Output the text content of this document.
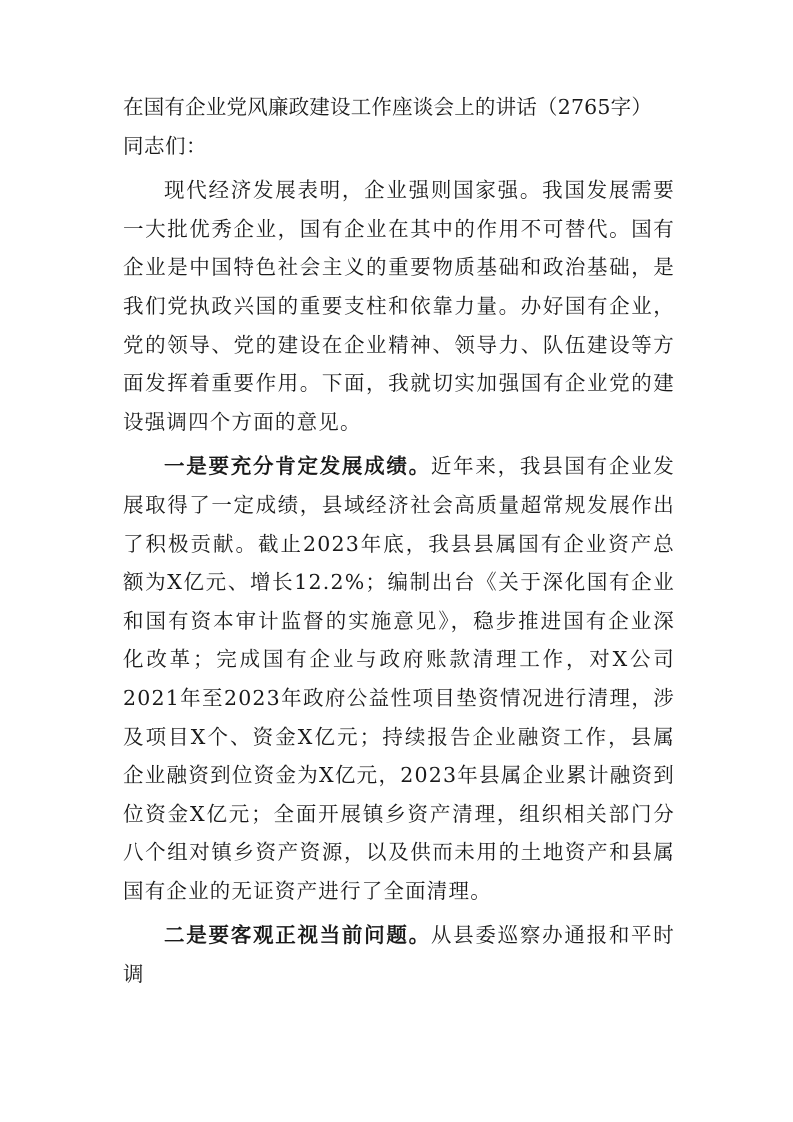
在国有企业党风廉政建设工作座谈会上的讲话（2765字）

同志们：

现代经济发展表明，企业强则国家强。我国发展需要一大批优秀企业，国有企业在其中的作用不可替代。国有企业是中国特色社会主义的重要物质基础和政治基础，是我们党执政兴国的重要支柱和依靠力量。办好国有企业，党的领导、党的建设在企业精神、领导力、队伍建设等方面发挥着重要作用。下面，我就切实加强国有企业党的建设强调四个方面的意见。

一是要充分肯定发展成绩。近年来，我县国有企业发展取得了一定成绩，县域经济社会高质量超常规发展作出了积极贡献。截止2023年底，我县县属国有企业资产总额为X亿元、增长12.2%；编制出台《关于深化国有企业和国有资本审计监督的实施意见》，稳步推进国有企业深化改革；完成国有企业与政府账款清理工作，对X公司2021年至2023年政府公益性项目垫资情况进行清理，涉及项目X个、资金X亿元；持续报告企业融资工作，县属企业融资到位资金为X亿元，2023年县属企业累计融资到位资金X亿元；全面开展镇乡资产清理，组织相关部门分八个组对镇乡资产资源，以及供而未用的土地资产和县属国有企业的无证资产进行了全面清理。

二是要客观正视当前问题。从县委巡察办通报和平时调
